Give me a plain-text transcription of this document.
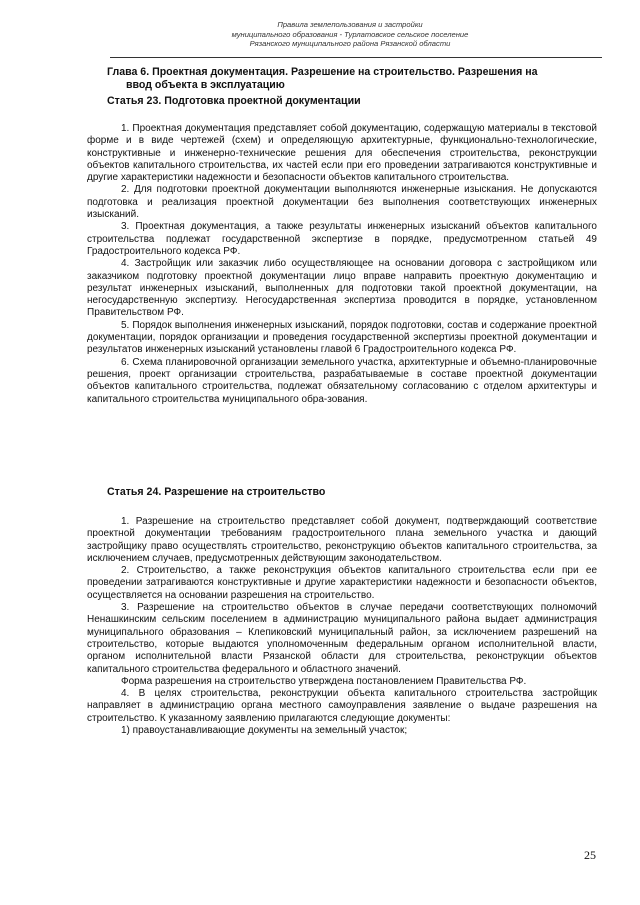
Правила землепользования и застройки
муниципального образования - Турлатовское сельское поселение
Рязанского муниципального района Рязанской области
Глава 6. Проектная документация. Разрешение на строительство. Разрешения на
ввод объекта в эксплуатацию
Статья 23. Подготовка проектной документации

1. Проектная документация представляет собой документацию, содержащую материалы в текстовой форме и в виде чертежей (схем) и определяющую архитектурные, функционально-технологические, конструктивные и инженерно-технические решения для обеспечения строительства, реконструкции объектов капитального строительства, их частей если при его проведении затрагиваются конструктивные и другие характеристики надежности и безопасности объектов капитального строительства.

2. Для подготовки проектной документации выполняются инженерные изыскания. Не допускаются подготовка и реализация проектной документации без выполнения соответствующих инженерных изысканий.

3. Проектная документация, а также результаты инженерных изысканий объектов капитального строительства подлежат государственной экспертизе в порядке, предусмотренном статьей 49 Градостроительного кодекса РФ.

4. Застройщик или заказчик либо осуществляющее на основании договора с застройщиком или заказчиком подготовку проектной документации лицо вправе направить проектную документацию и результат инженерных изысканий, выполненных для подготовки такой проектной документации, на негосударственную экспертизу. Негосударственная экспертиза проводится в порядке, установленном Правительством РФ.

5. Порядок выполнения инженерных изысканий, порядок подготовки, состав и содержание проектной документации, порядок организации и проведения государственной экспертизы проектной документации и результатов инженерных изысканий установлены главой 6 Градостроительного кодекса РФ.

6. Схема планировочной организации земельного участка, архитектурные и объемно-планировочные решения, проект организации строительства, разрабатываемые в составе проектной документации объектов капитального строительства, подлежат обязательному согласованию с отделом архитектуры и капитального строительства муниципального обра-зования.

Статья 24. Разрешение на строительство

1. Разрешение на строительство представляет собой документ, подтверждающий соответствие проектной документации требованиям градостроительного плана земельного участка и дающий застройщику право осуществлять строительство, реконструкцию объектов капитального строительства, за исключением случаев, предусмотренных действующим законодательством.

2. Строительство, а также реконструкция объектов капитального строительства если при ее проведении затрагиваются конструктивные и другие характеристики надежности и безопасности объектов, осуществляется на основании разрешения на строительство.

3. Разрешение на строительство объектов в случае передачи соответствующих полномочий Ненашкинским сельским поселением в администрацию муниципального района выдает администрация муниципального образования – Клепиковский муниципальный район, за исключением разрешений на строительство, которые выдаются уполномоченным федеральным органом исполнительной власти, органом исполнительной власти Рязанской области для строительства, реконструкции объектов капитального строительства федерального и областного значений.

Форма разрешения на строительство утверждена постановлением Правительства РФ.

4. В целях строительства, реконструкции объекта капитального строительства застройщик направляет в администрацию органа местного самоуправления заявление о выдаче разрешения на строительство. К указанному заявлению прилагаются следующие документы:

1) правоустанавливающие документы на земельный участок;

25
